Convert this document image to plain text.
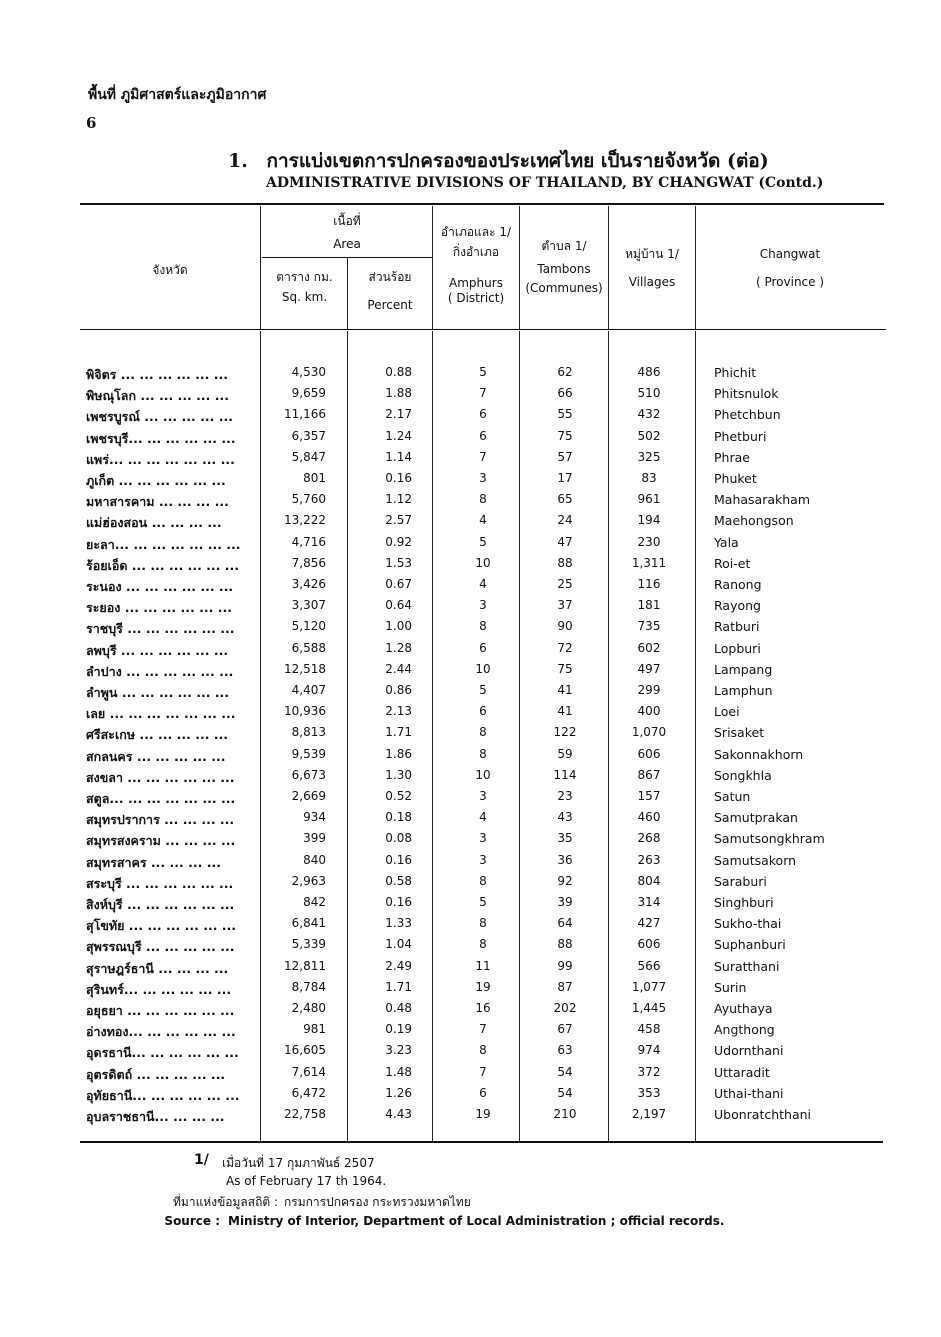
พื้นที่ ภูมิศาสตร์และภูมิอากาศ
6
1. การแบ่งเขตการปกครองของประเทศไทย เป็นรายจังหวัด (ต่อ)
ADMINISTRATIVE DIVISIONS OF THAILAND, BY CHANGWAT (Contd.)
จังหวัด
เนื้อที่
Area
ตาราง กม.
Sq. km.
ส่วนร้อย
Percent
อำเภอและ 1/
กิ่งอำเภอ
Amphurs
( District)
ตำบล 1/
Tambons
(Communes)
หมู่บ้าน 1/
Villages
Changwat
( Province )
พิจิตร ... ... ... ... ... ...	4,530	0.88	5	62	486	Phichit
พิษณุโลก ... ... ... ... ...	9,659	1.88	7	66	510	Phitsnulok
เพชรบูรณ์ ... ... ... ... ...	11,166	2.17	6	55	432	Phetchbun
เพชรบุรี... ... ... ... ... ...	6,357	1.24	6	75	502	Phetburi
แพร่... ... ... ... ... ... ...	5,847	1.14	7	57	325	Phrae
ภูเก็ต ... ... ... ... ... ...	801	0.16	3	17	83	Phuket
มหาสารคาม ... ... ... ...	5,760	1.12	8	65	961	Mahasarakham
แม่ฮ่องสอน ... ... ... ...	13,222	2.57	4	24	194	Maehongson
ยะลา... ... ... ... ... ... ...	4,716	0.92	5	47	230	Yala
ร้อยเอ็ด ... ... ... ... ... ...	7,856	1.53	10	88	1,311	Roi-et
ระนอง ... ... ... ... ... ...	3,426	0.67	4	25	116	Ranong
ระยอง ... ... ... ... ... ...	3,307	0.64	3	37	181	Rayong
ราชบุรี ... ... ... ... ... ...	5,120	1.00	8	90	735	Ratburi
ลพบุรี ... ... ... ... ... ...	6,588	1.28	6	72	602	Lopburi
ลำปาง ... ... ... ... ... ...	12,518	2.44	10	75	497	Lampang
ลำพูน ... ... ... ... ... ...	4,407	0.86	5	41	299	Lamphun
เลย ... ... ... ... ... ... ...	10,936	2.13	6	41	400	Loei
ศรีสะเกษ ... ... ... ... ...	8,813	1.71	8	122	1,070	Srisaket
สกลนคร ... ... ... ... ...	9,539	1.86	8	59	606	Sakonnakhorn
สงขลา ... ... ... ... ... ...	6,673	1.30	10	114	867	Songkhla
สตูล... ... ... ... ... ... ...	2,669	0.52	3	23	157	Satun
สมุทรปราการ ... ... ... ...	934	0.18	4	43	460	Samutprakan
สมุทรสงคราม ... ... ... ...	399	0.08	3	35	268	Samutsongkhram
สมุทรสาคร ... ... ... ...	840	0.16	3	36	263	Samutsakorn
สระบุรี ... ... ... ... ... ...	2,963	0.58	8	92	804	Saraburi
สิงห์บุรี ... ... ... ... ... ...	842	0.16	5	39	314	Singhburi
สุโขทัย ... ... ... ... ... ...	6,841	1.33	8	64	427	Sukho-thai
สุพรรณบุรี ... ... ... ... ...	5,339	1.04	8	88	606	Suphanburi
สุราษฎร์ธานี ... ... ... ...	12,811	2.49	11	99	566	Suratthani
สุรินทร์... ... ... ... ... ...	8,784	1.71	19	87	1,077	Surin
อยุธยา ... ... ... ... ... ...	2,480	0.48	16	202	1,445	Ayuthaya
อ่างทอง... ... ... ... ... ...	981	0.19	7	67	458	Angthong
อุดรธานี... ... ... ... ... ...	16,605	3.23	8	63	974	Udornthani
อุตรดิตถ์ ... ... ... ... ...	7,614	1.48	7	54	372	Uttaradit
อุทัยธานี... ... ... ... ... ...	6,472	1.26	6	54	353	Uthai-thani
อุบลราชธานี... ... ... ...	22,758	4.43	19	210	2,197	Ubonratchthani
1/ เมื่อวันที่ 17 กุมภาพันธ์ 2507
As of February 17 th 1964.
ที่มาแห่งข้อมูลสถิติ : กรมการปกครอง กระทรวงมหาดไทย
Source : Ministry of Interior, Department of Local Administration ; official records.
